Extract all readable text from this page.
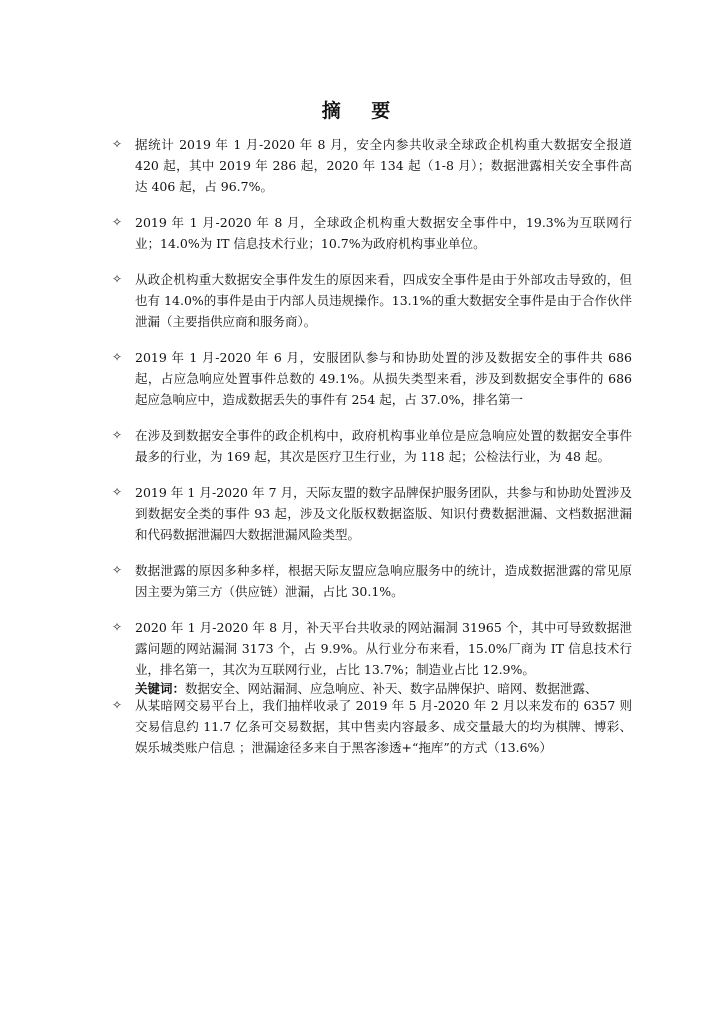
摘 要
✧ 据统计 2019 年 1 月-2020 年 8 月，安全内参共收录全球政企机构重大数据安全报道 420 起，其中 2019 年 286 起，2020 年 134 起（1-8 月）；数据泄露相关安全事件高达 406 起，占 96.7%。
✧ 2019 年 1 月-2020 年 8 月，全球政企机构重大数据安全事件中，19.3%为互联网行业；14.0%为 IT 信息技术行业；10.7%为政府机构事业单位。
✧ 从政企机构重大数据安全事件发生的原因来看，四成安全事件是由于外部攻击导致的，但也有 14.0%的事件是由于内部人员违规操作。13.1%的重大数据安全事件是由于合作伙伴泄漏（主要指供应商和服务商）。
✧ 2019 年 1 月-2020 年 6 月，安服团队参与和协助处置的涉及数据安全的事件共 686 起，占应急响应处置事件总数的 49.1%。从损失类型来看，涉及到数据安全事件的 686 起应急响应中，造成数据丢失的事件有 254 起，占 37.0%，排名第一
✧ 在涉及到数据安全事件的政企机构中，政府机构事业单位是应急响应处置的数据安全事件最多的行业，为 169 起，其次是医疗卫生行业，为 118 起；公检法行业，为 48 起。
✧ 2019 年 1 月-2020 年 7 月，天际友盟的数字品牌保护服务团队，共参与和协助处置涉及到数据安全类的事件 93 起，涉及文化版权数据盗版、知识付费数据泄漏、文档数据泄漏和代码数据泄漏四大数据泄漏风险类型。
✧ 数据泄露的原因多种多样，根据天际友盟应急响应服务中的统计，造成数据泄露的常见原因主要为第三方（供应链）泄漏，占比 30.1%。
✧ 2020 年 1 月-2020 年 8 月，补天平台共收录的网站漏洞 31965 个，其中可导致数据泄露问题的网站漏洞 3173 个，占 9.9%。从行业分布来看，15.0%厂商为 IT 信息技术行业，排名第一，其次为互联网行业，占比 13.7%；制造业占比 12.9%。
✧ 从某暗网交易平台上，我们抽样收录了 2019 年 5 月-2020 年 2 月以来发布的 6357 则交易信息约 11.7 亿条可交易数据，其中售卖内容最多、成交量最大的均为棋牌、博彩、娱乐城类账户信息 ；泄漏途径多来自于黑客渗透+“拖库”的方式（13.6%）
关键词：数据安全、网站漏洞、应急响应、补天、数字品牌保护、暗网、数据泄露、
